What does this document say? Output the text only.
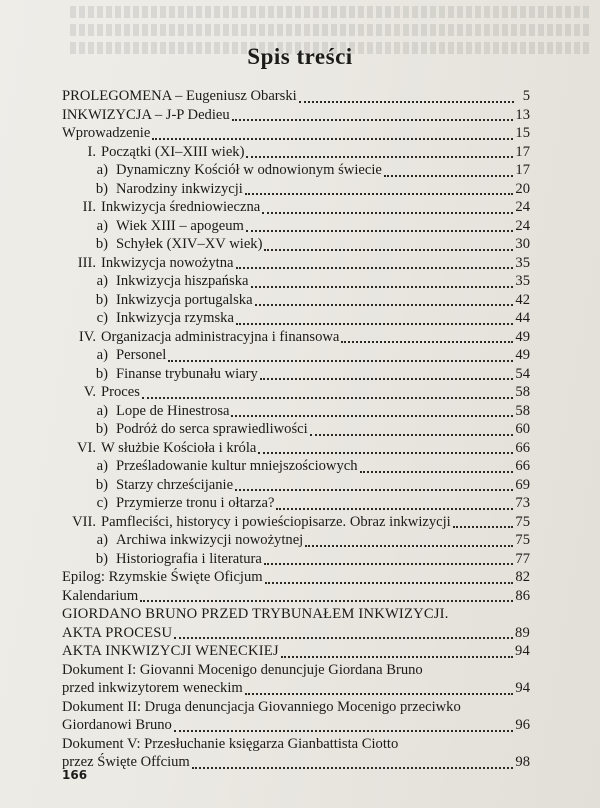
Spis treści
PROLEGOMENA – Eugeniusz Obarski	5
INKWIZYCJA – J-P Dedieu	13
Wprowadzenie	15
I. Początki (XI–XIII wiek)	17
a) Dynamiczny Kościół w odnowionym świecie	17
b) Narodziny inkwizycji	20
II. Inkwizycja średniowieczna	24
a) Wiek XIII – apogeum	24
b) Schyłek (XIV–XV wiek)	30
III. Inkwizycja nowożytna	35
a) Inkwizycja hiszpańska	35
b) Inkwizycja portugalska	42
c) Inkwizycja rzymska	44
IV. Organizacja administracyjna i finansowa	49
a) Personel	49
b) Finanse trybunału wiary	54
V. Proces	58
a) Lope de Hinestrosa	58
b) Podróż do serca sprawiedliwości	60
VI. W służbie Kościoła i króla	66
a) Prześladowanie kultur mniejszościowych	66
b) Starzy chrześcijanie	69
c) Przymierze tronu i ołtarza?	73
VII. Pamfleciści, historycy i powieściopisarze. Obraz inkwizycji	75
a) Archiwa inkwizycji nowożytnej	75
b) Historiografia i literatura	77
Epilog: Rzymskie Święte Oficjum	82
Kalendarium	86
GIORDANO BRUNO PRZED TRYBUNAŁEM INKWIZYCJI.
AKTA PROCESU	89
AKTA INKWIZYCJI WENECKIEJ	94
Dokument I: Giovanni Mocenigo denuncjuje Giordana Bruno
przed inkwizytorem weneckim	94
Dokument II: Druga denuncjacja Giovanniego Mocenigo przeciwko
Giordanowi Bruno	96
Dokument V: Przesłuchanie księgarza Gianbattista Ciotto
przez Święte Offcium	98
166
